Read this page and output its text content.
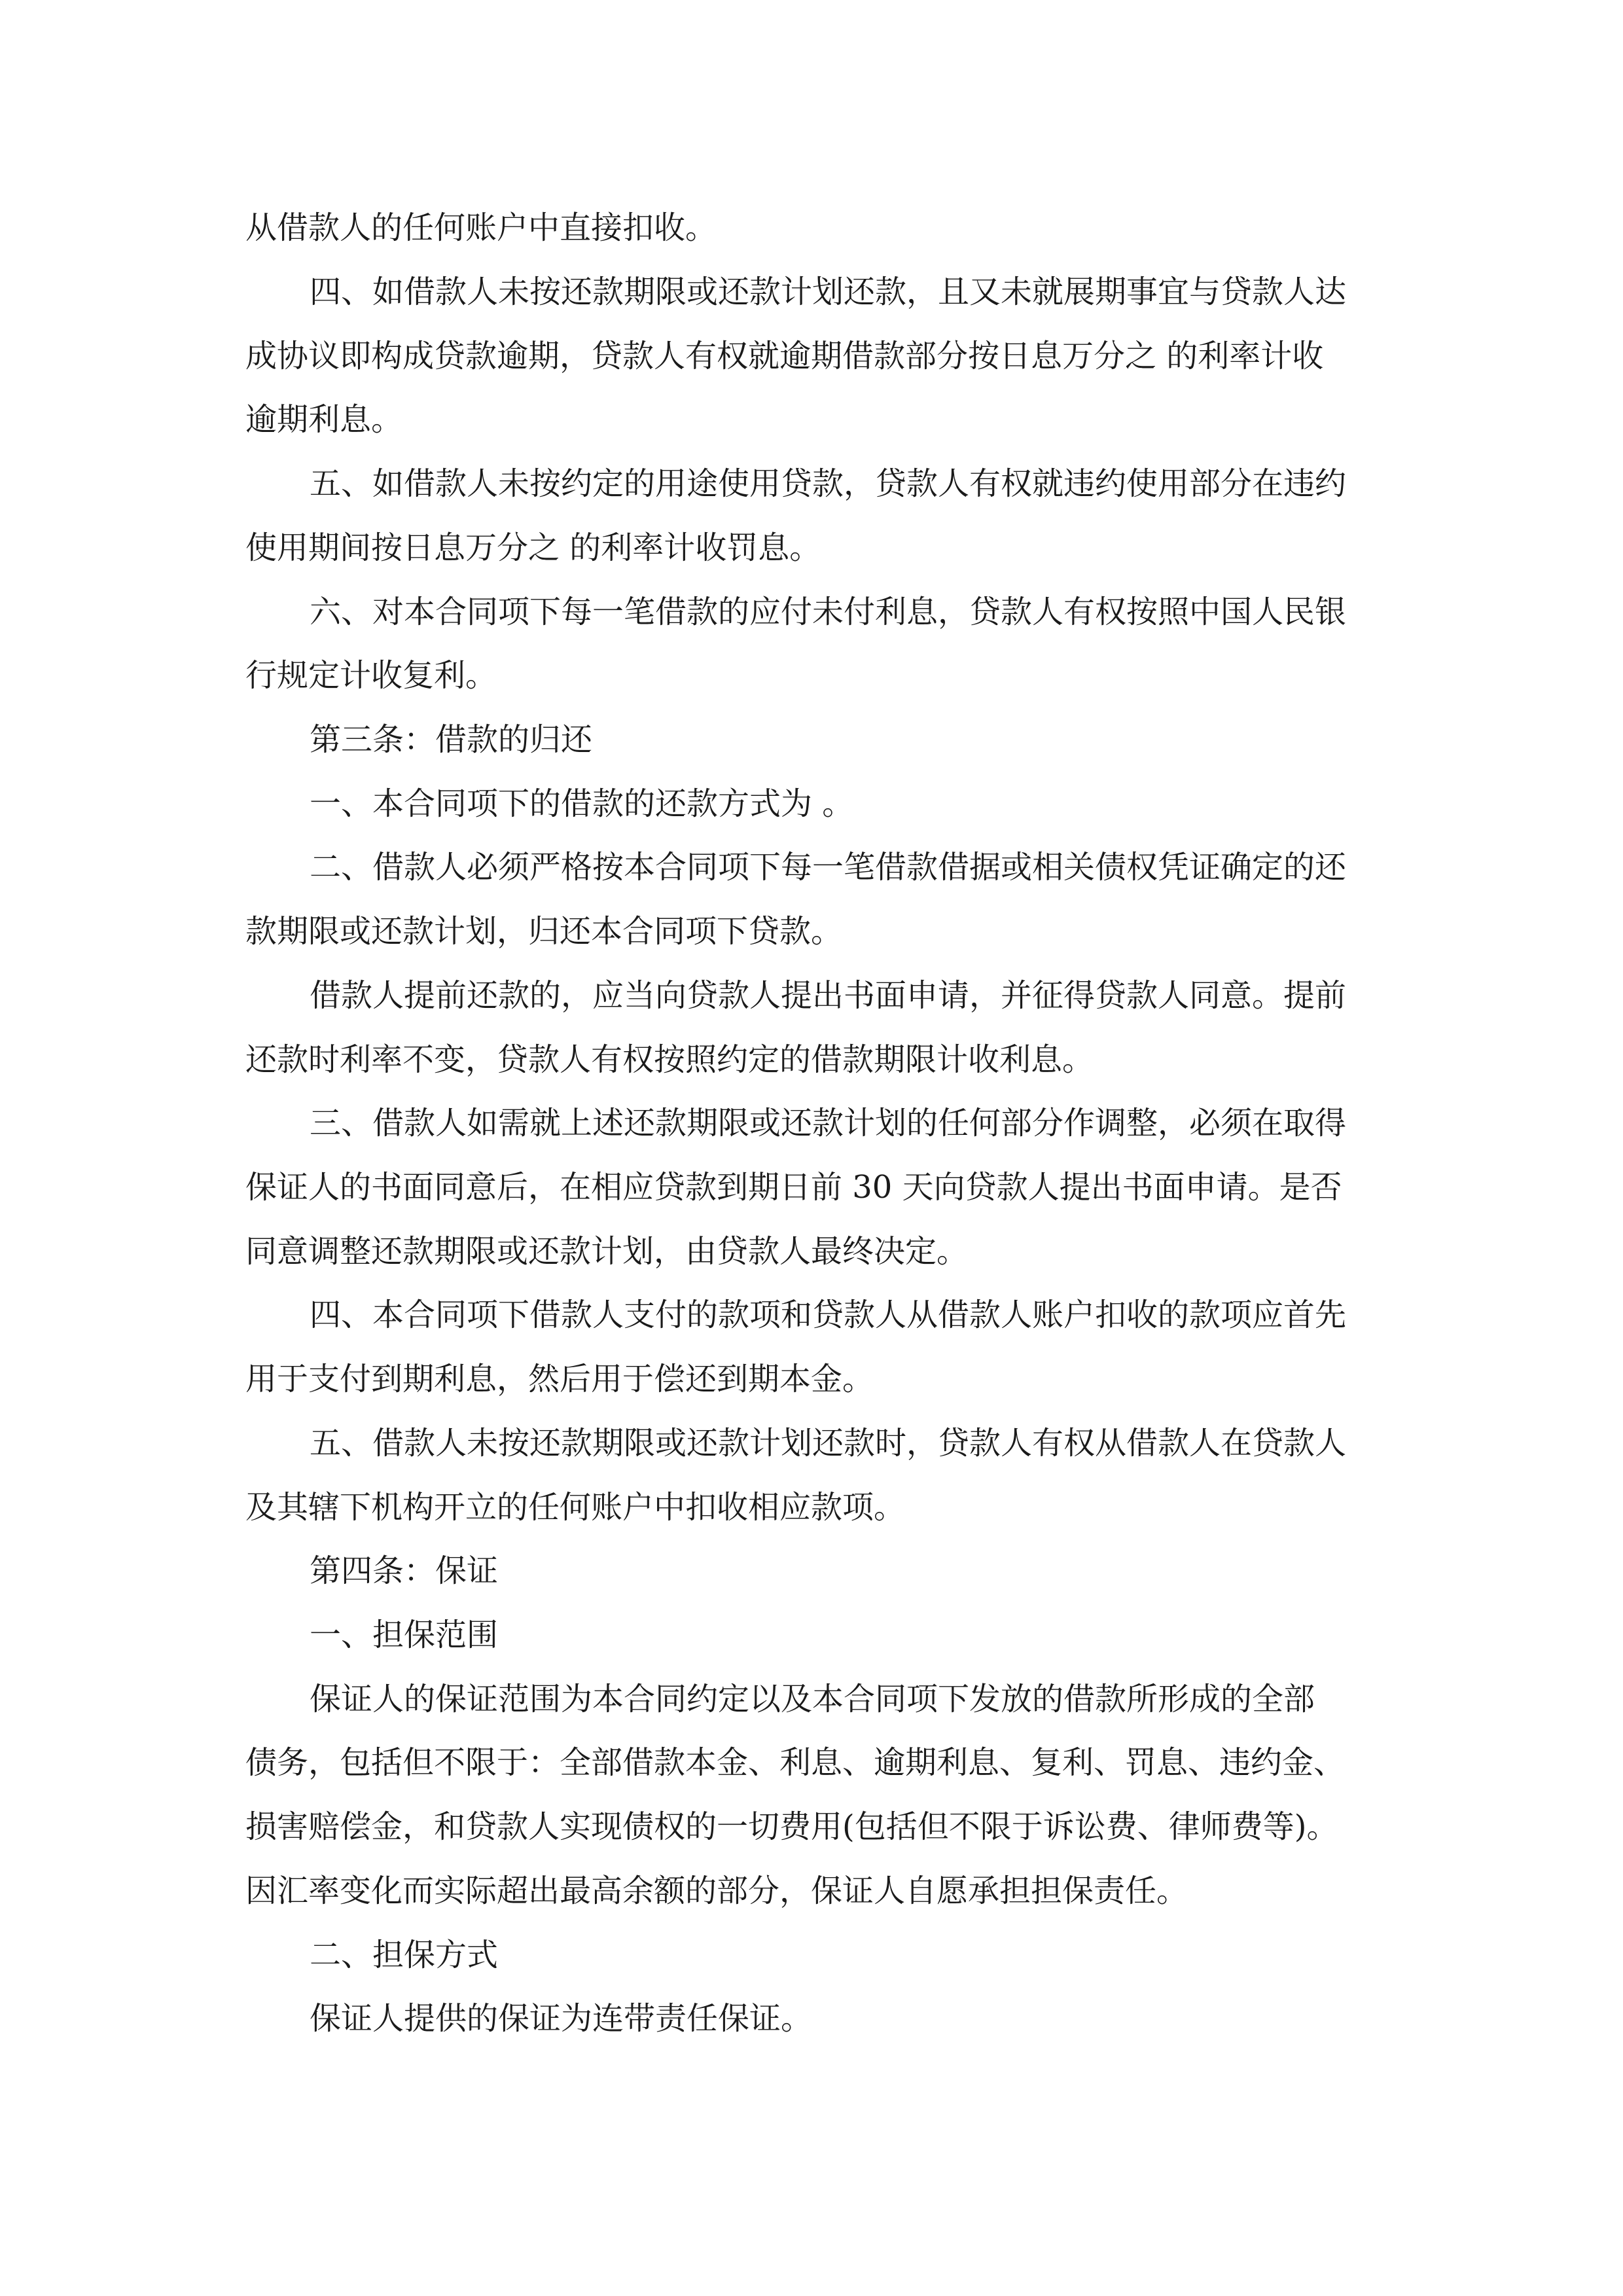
从借款人的任何账户中直接扣收。
四、如借款人未按还款期限或还款计划还款，且又未就展期事宜与贷款人达
成协议即构成贷款逾期，贷款人有权就逾期借款部分按日息万分之 的利率计收
逾期利息。
五、如借款人未按约定的用途使用贷款，贷款人有权就违约使用部分在违约
使用期间按日息万分之 的利率计收罚息。
六、对本合同项下每一笔借款的应付未付利息，贷款人有权按照中国人民银
行规定计收复利。
第三条：借款的归还
一、本合同项下的借款的还款方式为 。
二、借款人必须严格按本合同项下每一笔借款借据或相关债权凭证确定的还
款期限或还款计划，归还本合同项下贷款。
借款人提前还款的，应当向贷款人提出书面申请，并征得贷款人同意。提前
还款时利率不变，贷款人有权按照约定的借款期限计收利息。
三、借款人如需就上述还款期限或还款计划的任何部分作调整，必须在取得
保证人的书面同意后，在相应贷款到期日前 30 天向贷款人提出书面申请。是否
同意调整还款期限或还款计划，由贷款人最终决定。
四、本合同项下借款人支付的款项和贷款人从借款人账户扣收的款项应首先
用于支付到期利息，然后用于偿还到期本金。
五、借款人未按还款期限或还款计划还款时，贷款人有权从借款人在贷款人
及其辖下机构开立的任何账户中扣收相应款项。
第四条：保证
一、担保范围
保证人的保证范围为本合同约定以及本合同项下发放的借款所形成的全部
债务，包括但不限于：全部借款本金、利息、逾期利息、复利、罚息、违约金、
损害赔偿金，和贷款人实现债权的一切费用(包括但不限于诉讼费、律师费等)。
因汇率变化而实际超出最高余额的部分，保证人自愿承担担保责任。
二、担保方式
保证人提供的保证为连带责任保证。
